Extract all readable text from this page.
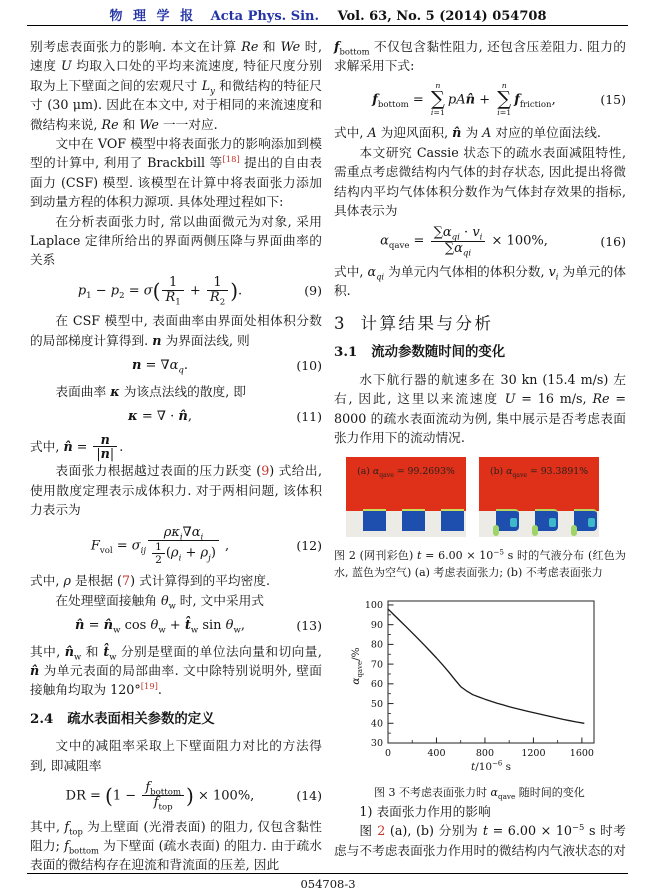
物 理 学 报 Acta Phys. Sin. Vol. 63, No. 5 (2014) 054708

别考虑表面张力的影响. 本文在计算 Re 和 We 时, 速度 U 均取入口处的平均来流速度, 特征尺度分别取为上下壁面之间的宏观尺寸 $L_y$ 和微结构的特征尺寸 (30 μm). 因此在本文中, 对于相同的来流速度和微结构来说, Re 和 We 一一对应.

文中在 VOF 模型中将表面张力的影响添加到模型的计算中, 利用了 Brackbill 等[18] 提出的自由表面力 (CSF) 模型. 该模型在计算中将表面张力添加到动量方程的体积力源项. 具体处理过程如下:

在分析表面张力时, 常以曲面微元为对象, 采用 Laplace 定律所给出的界面两侧压降与界面曲率的关系

$p_1 - p_2 = \sigma( \frac{1}{R_1} + \frac{1}{R_2}$ ).	(9)

在 CSF 模型中, 表面曲率由界面处相体积分数的局部梯度计算得到. n 为界面法线, 则

$n = \nabla\alpha_q$.	(10)

表面曲率 κ 为该点法线的散度, 即

κ = ∇ · n̂,	(11)

式中, n̂ = $\frac{n}{|n|}$ .

表面张力根据越过表面的压力跃变 (9) 式给出, 使用散度定理表示成体积力. 对于两相问题, 该体积力表示为

$F_{vol} = \sigma_{ij} \frac{\rho\kappa_i\nabla\alpha_i}{\frac{1}{2} (\rho_i + \rho_j)}$ ,	(12)

式中, ρ 是根据 (7) 式计算得到的平均密度.

在处理壁面接触角 $\theta_w$ 时, 文中采用式

n̂ = $n̂_w$ $\cos \theta_w$ + $t̂_w$ $\sin \theta_w$,	(13)

其中, $n̂_w$ 和 $t̂_w$ 分别是壁面的单位法向量和切向量, n̂ 为单元表面的局部曲率. 文中除特别说明外, 壁面接触角均取为 120°[19].

2.4 疏水表面相关参数的定义

文中的减阻率采取上下壁面阻力对比的方法得到, 即减阻率

DR = ($1 - \frac{f_{bottom}}{f_{top}}$ ) × 100%,	(14)

其中, $f_{top}$ 为上壁面 (光滑表面) 的阻力, 仅包含黏性阻力; $f_{bottom}$ 为下壁面 (疏水表面) 的阻力. 由于疏水表面的微结构存在迎流和背流面的压差, 因此

$f_{bottom}$ 不仅包含黏性阻力, 还包含压差阻力. 阻力的求解采用下式:

$f_{bottom}$ =
n
∑
i=1
pAn̂ +
n
∑
i=1
$f_{friction}$,	(15)

式中, A 为迎风面积, n̂ 为 A 对应的单位面法线.

本文研究 Cassie 状态下的疏水表面减阻特性, 需重点考虑微结构内气体的封存状态, 因此提出将微结构内平均气体体积分数作为气体封存效果的指标, 具体表示为

$\alpha_{qave} = \frac{\sum\alpha_{qi} \cdot v_i}{\sum\alpha_{qi}} \times 100\%$,	(16)

式中, $\alpha_{qi}$ 为单元内气体相的体积分数, $v_i$ 为单元的体积.

3 计算结果与分析
3.1 流动参数随时间的变化

水下航行器的航速多在 30 kn (15.4 m/s) 左右, 因此, 这里以来流速度 U = 16 m/s, Re = 8000 的疏水表面流动为例, 集中展示是否考虑表面张力作用下的流动情况.

(a) $\alpha_{qave} = 99.2693\%$	(b) $\alpha_{qave} = 93.3891\%$

图 2 (网刊彩色) $t = 6.00 \times 10^{-5}$ s 时的气液分布 (红色为水, 蓝色为空气) (a) 考虑表面张力; (b) 不考虑表面张力

0	400	800	1200	1600
30
40
50
60
70
80
90
100
$\alpha_{qave}/\%$
$t/10^{-6}$ s

图 3 不考虑表面张力时 $\alpha_{qave}$ 随时间的变化

1) 表面张力作用的影响

图 2 (a), (b) 分别为 $t = 6.00 \times 10^{-5}$ s 时考虑与不考虑表面张力作用时的微结构内气液状态的对

054708-3
